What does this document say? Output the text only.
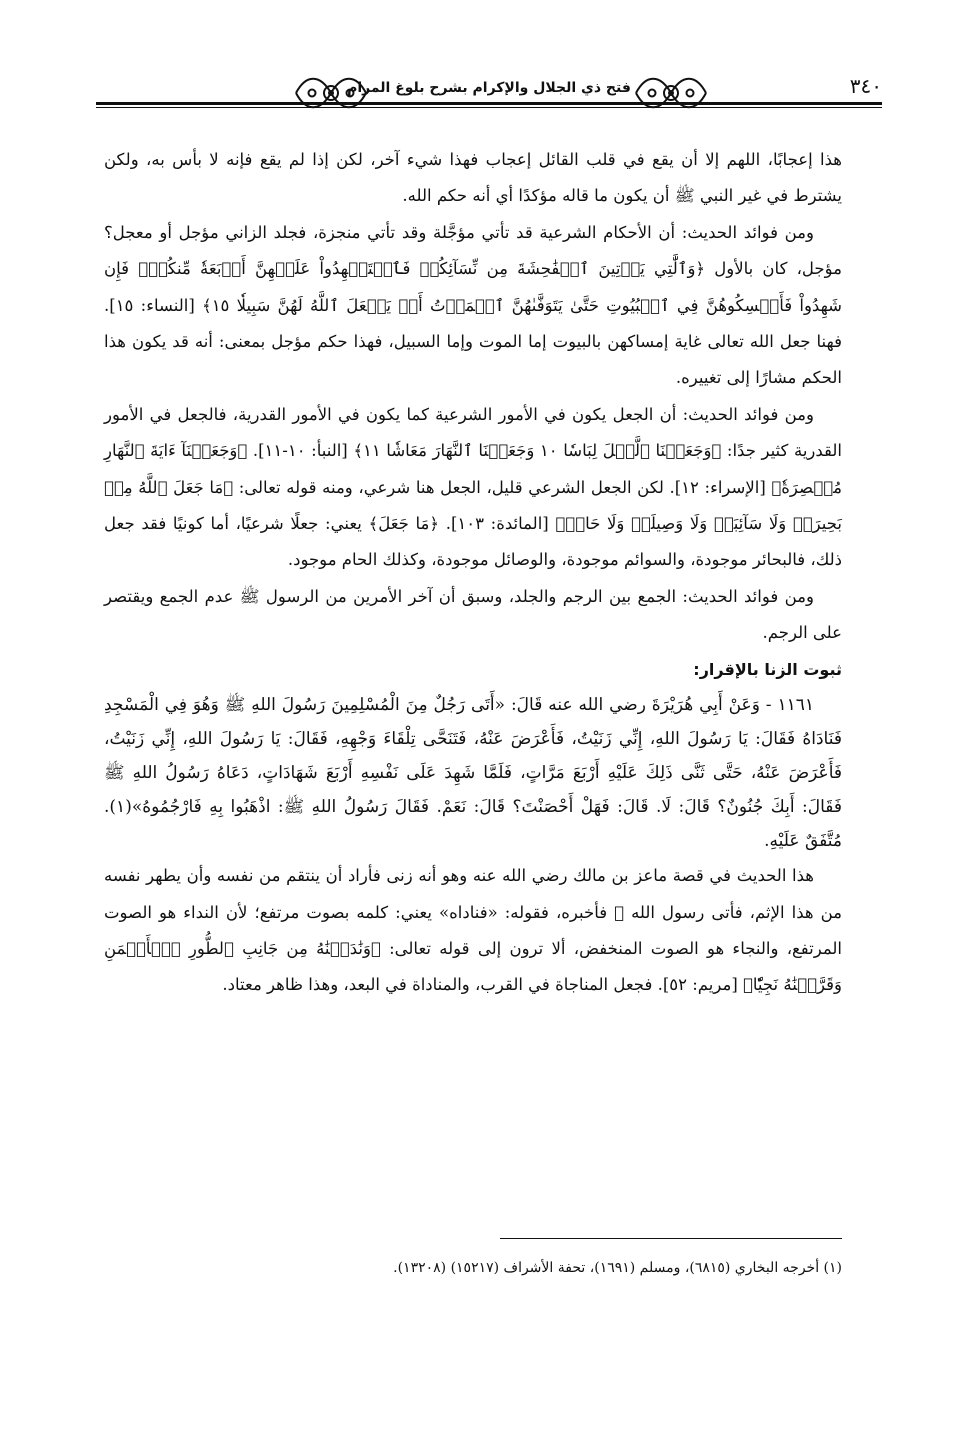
فتح ذي الجلال والإكرام بشرح بلوغ المرام	٣٤٠

هذا إعجابًا، اللهم إلا أن يقع في قلب القائل إعجاب فهذا شيء آخر، لكن إذا لم يقع فإنه لا بأس به، ولكن يشترط في غير النبي ﷺ أن يكون ما قاله مؤكدًا أي أنه حكم الله.

ومن فوائد الحديث: أن الأحكام الشرعية قد تأتي مؤجَّلة وقد تأتي منجزة، فجلد الزاني مؤجل أو معجل؟ مؤجل، كان بالأول ﴿وَٱلَّٰتِي يَأۡتِينَ ٱلۡفَٰحِشَةَ مِن نِّسَآئِكُمۡ فَٱسۡتَشۡهِدُواْ عَلَيۡهِنَّ أَرۡبَعَةٗ مِّنكُمۡۖ فَإِن شَهِدُواْ فَأَمۡسِكُوهُنَّ فِي ٱلۡبُيُوتِ حَتَّىٰ يَتَوَفَّىٰهُنَّ ٱلۡمَوۡتُ أَوۡ يَجۡعَلَ ٱللَّهُ لَهُنَّ سَبِيلٗا ١٥﴾ [النساء: ١٥]. فهنا جعل الله تعالى غاية إمساكهن بالبيوت إما الموت وإما السبيل، فهذا حكم مؤجل بمعنى: أنه قد يكون هذا الحكم مشارًا إلى تغييره.

ومن فوائد الحديث: أن الجعل يكون في الأمور الشرعية كما يكون في الأمور القدرية، فالجعل في الأمور القدرية كثير جدًا: ﴿وَجَعَلۡنَا ٱلَّيۡلَ لِبَاسٗا ١٠ وَجَعَلۡنَا ٱلنَّهَارَ مَعَاشٗا ١١﴾ [النبأ: ١٠-١١]. ﴿وَجَعَلۡنَآ ءَايَةَ ٱلنَّهَارِ مُبۡصِرَةٗ﴾ [الإسراء: ١٢]. لكن الجعل الشرعي قليل، الجعل هنا شرعي، ومنه قوله تعالى: ﴿مَا جَعَلَ ٱللَّهُ مِنۢ بَحِيرَةٖ وَلَا سَآئِبَةٖ وَلَا وَصِيلَةٖ وَلَا حَامٖ﴾ [المائدة: ١٠٣]. ﴿مَا جَعَلَ﴾ يعني: جعلًا شرعيًا، أما كونيًا فقد جعل ذلك، فالبحائر موجودة، والسوائم موجودة، والوصائل موجودة، وكذلك الحام موجود.

ومن فوائد الحديث: الجمع بين الرجم والجلد، وسبق أن آخر الأمرين من الرسول ﷺ عدم الجمع ويقتصر على الرجم.

ثبوت الزنا بالإقرار:

١١٦١ - وَعَنْ أَبِي هُرَيْرَةَ رضي الله عنه قَالَ: «أَتَى رَجُلٌ مِنَ الْمُسْلِمِينَ رَسُولَ اللهِ ﷺ وَهُوَ فِي الْمَسْجِدِ فَنَادَاهُ فَقَالَ: يَا رَسُولَ اللهِ، إِنِّي زَنَيْتُ، فَأَعْرَضَ عَنْهُ، فَتَنَحَّى تِلْقَاءَ وَجْهِهِ، فَقَالَ: يَا رَسُولَ اللهِ، إِنِّي زَنَيْتُ، فَأَعْرَضَ عَنْهُ، حَتَّى ثَنَّى ذَلِكَ عَلَيْهِ أَرْبَعَ مَرَّاتٍ، فَلَمَّا شَهِدَ عَلَى نَفْسِهِ أَرْبَعَ شَهَادَاتٍ، دَعَاهُ رَسُولُ اللهِ ﷺ فَقَالَ: أَبِكَ جُنُونٌ؟ قَالَ: لَا. قَالَ: فَهَلْ أَحْصَنْتَ؟ قَالَ: نَعَمْ. فَقَالَ رَسُولُ اللهِ ﷺ: اذْهَبُوا بِهِ فَارْجُمُوهُ»(١). مُتَّفَقٌ عَلَيْهِ.

هذا الحديث في قصة ماعز بن مالك رضي الله عنه وهو أنه زنى فأراد أن ينتقم من نفسه وأن يطهر نفسه من هذا الإثم، فأتى رسول الله ﷺ فأخبره، فقوله: «فناداه» يعني: كلمه بصوت مرتفع؛ لأن النداء هو الصوت المرتفع، والنجاء هو الصوت المنخفض، ألا ترون إلى قوله تعالى: ﴿وَنَٰدَيۡنَٰهُ مِن جَانِبِ ٱلطُّورِ ٱلۡأَيۡمَنِ وَقَرَّبۡنَٰهُ نَجِيّٗا﴾ [مريم: ٥٢]. فجعل المناجاة في القرب، والمناداة في البعد، وهذا ظاهر معتاد.

(١) أخرجه البخاري (٦٨١٥)، ومسلم (١٦٩١)، تحفة الأشراف (١٥٢١٧) (١٣٢٠٨).
